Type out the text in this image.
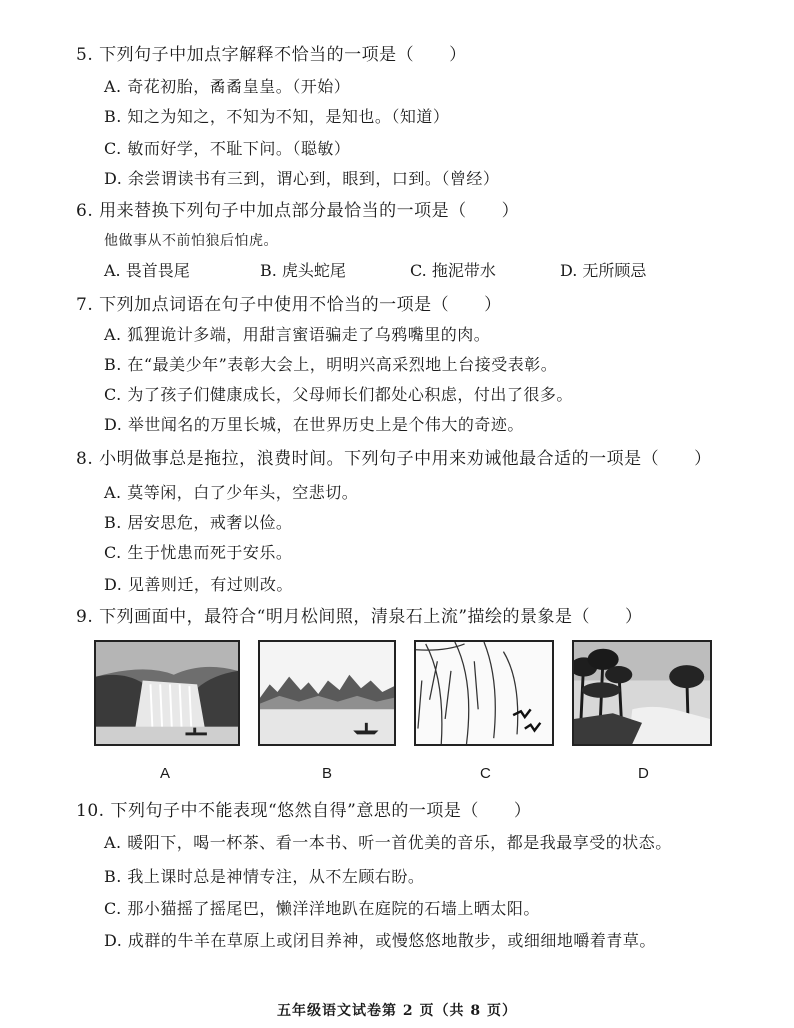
5. 下列句子中加点字解释不恰当的一项是（　　）
A. 奇花初胎，矞矞皇皇。（开始）
B. 知之为知之，不知为不知，是知也。（知道）
C. 敏而好学，不耻下问。（聪敏）
D. 余尝谓读书有三到，谓心到，眼到，口到。（曾经）
6. 用来替换下列句子中加点部分最恰当的一项是（　　）
他做事从不前怕狼后怕虎。
A. 畏首畏尾	B. 虎头蛇尾	C. 拖泥带水	D. 无所顾忌
7. 下列加点词语在句子中使用不恰当的一项是（　　）
A. 狐狸诡计多端，用甜言蜜语骗走了乌鸦嘴里的肉。
B. 在“最美少年”表彰大会上，明明兴高采烈地上台接受表彰。
C. 为了孩子们健康成长，父母师长们都处心积虑，付出了很多。
D. 举世闻名的万里长城，在世界历史上是个伟大的奇迹。
8. 小明做事总是拖拉，浪费时间。下列句子中用来劝诫他最合适的一项是（　　）
A. 莫等闲，白了少年头，空悲切。
B. 居安思危，戒奢以俭。
C. 生于忧患而死于安乐。
D. 见善则迁，有过则改。
9. 下列画面中，最符合“明月松间照，清泉石上流”描绘的景象是（　　）
A	B	C	D
10. 下列句子中不能表现“悠然自得”意思的一项是（　　）
A. 暖阳下，喝一杯茶、看一本书、听一首优美的音乐，都是我最享受的状态。
B. 我上课时总是神情专注，从不左顾右盼。
C. 那小猫摇了摇尾巴，懒洋洋地趴在庭院的石墙上晒太阳。
D. 成群的牛羊在草原上或闭目养神，或慢悠悠地散步，或细细地嚼着青草。
五年级语文试卷第 2 页（共 8 页）
